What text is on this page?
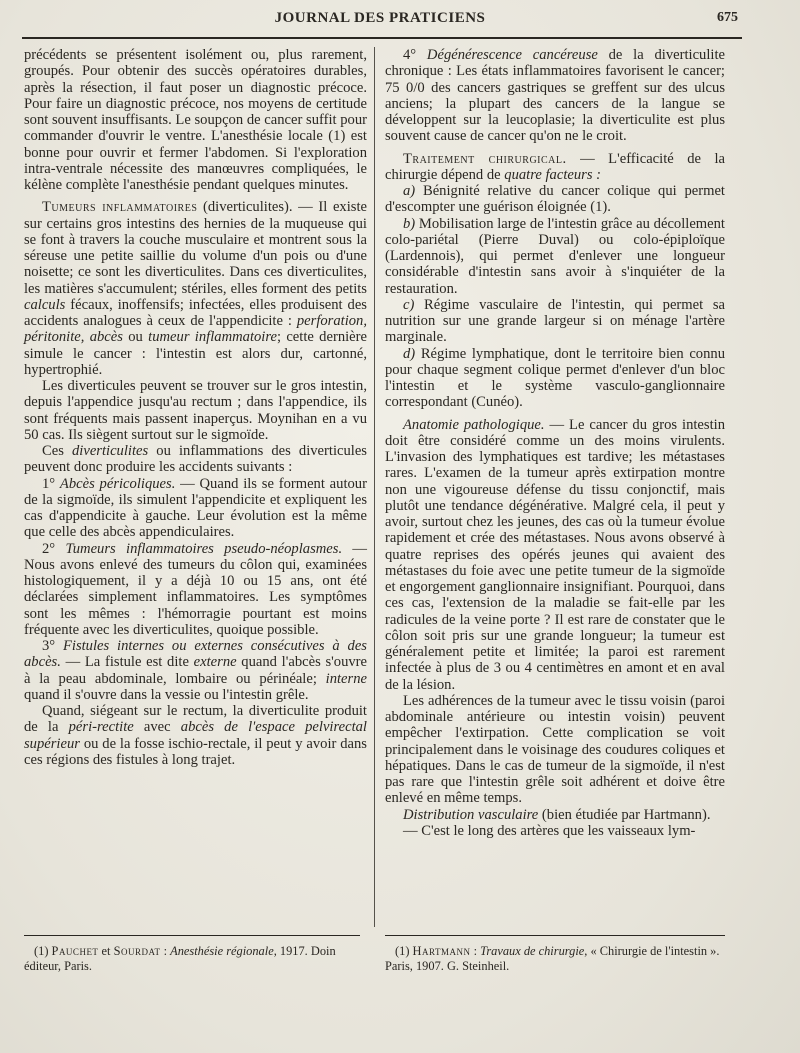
JOURNAL DES PRATICIENS	675

précédents se présentent isolément ou, plus rarement, groupés. Pour obtenir des succès opératoires durables, après la résection, il faut poser un diagnostic précoce. Pour faire un diagnostic précoce, nos moyens de certitude sont souvent insuffisants. Le soupçon de cancer suffit pour commander d'ouvrir le ventre. L'anesthésie locale (1) est bonne pour ouvrir et fermer l'abdomen. Si l'exploration intra-ventrale nécessite des manœuvres compliquées, le kélène complète l'anesthésie pendant quelques minutes.

Tumeurs inflammatoires (diverticulites). — Il existe sur certains gros intestins des hernies de la muqueuse qui se font à travers la couche musculaire et montrent sous la séreuse une petite saillie du volume d'un pois ou d'une noisette; ce sont les diverticulites. Dans ces diverticulites, les matières s'accumulent; stériles, elles forment des petits calculs fécaux, inoffensifs; infectées, elles produisent des accidents analogues à ceux de l'appendicite : perforation, péritonite, abcès ou tumeur inflammatoire; cette dernière simule le cancer : l'intestin est alors dur, cartonné, hypertrophié.

Les diverticules peuvent se trouver sur le gros intestin, depuis l'appendice jusqu'au rectum ; dans l'appendice, ils sont fréquents mais passent inaperçus. Moynihan en a vu 50 cas. Ils siègent surtout sur le sigmoïde.

Ces diverticulites ou inflammations des diverticules peuvent donc produire les accidents suivants :

1° Abcès péricoliques. — Quand ils se forment autour de la sigmoïde, ils simulent l'appendicite et expliquent les cas d'appendicite à gauche. Leur évolution est la même que celle des abcès appendiculaires.

2° Tumeurs inflammatoires pseudo-néoplasmes. — Nous avons enlevé des tumeurs du côlon qui, examinées histologiquement, il y a déjà 10 ou 15 ans, ont été déclarées simplement inflammatoires. Les symptômes sont les mêmes : l'hémorragie pourtant est moins fréquente avec les diverticulites, quoique possible.

3° Fistules internes ou externes consécutives à des abcès. — La fistule est dite externe quand l'abcès s'ouvre à la peau abdominale, lombaire ou périnéale; interne quand il s'ouvre dans la vessie ou l'intestin grêle.

Quand, siégeant sur le rectum, la diverticulite produit de la péri-rectite avec abcès de l'espace pelvirectal supérieur ou de la fosse ischio-rectale, il peut y avoir dans ces régions des fistules à long trajet.

4° Dégénérescence cancéreuse de la diverticulite chronique : Les états inflammatoires favorisent le cancer; 75 0/0 des cancers gastriques se greffent sur des ulcus anciens; la plupart des cancers de la langue se développent sur la leucoplasie; la diverticulite est plus souvent cause de cancer qu'on ne le croit.

Traitement chirurgical. — L'efficacité de la chirurgie dépend de quatre facteurs :

a) Bénignité relative du cancer colique qui permet d'escompter une guérison éloignée (1).

b) Mobilisation large de l'intestin grâce au décollement colo-pariétal (Pierre Duval) ou colo-épiploïque (Lardennois), qui permet d'enlever une longueur considérable d'intestin sans avoir à s'inquiéter de la restauration.

c) Régime vasculaire de l'intestin, qui permet sa nutrition sur une grande largeur si on ménage l'artère marginale.

d) Régime lymphatique, dont le territoire bien connu pour chaque segment colique permet d'enlever d'un bloc l'intestin et le système vasculo-ganglionnaire correspondant (Cunéo).

Anatomie pathologique. — Le cancer du gros intestin doit être considéré comme un des moins virulents. L'invasion des lymphatiques est tardive; les métastases rares. L'examen de la tumeur après extirpation montre non une vigoureuse défense du tissu conjonctif, mais plutôt une tendance dégénérative. Malgré cela, il peut y avoir, surtout chez les jeunes, des cas où la tumeur évolue rapidement et crée des métastases. Nous avons observé à quatre reprises des opérés jeunes qui avaient des métastases du foie avec une petite tumeur de la sigmoïde et engorgement ganglionnaire insignifiant. Pourquoi, dans ces cas, l'extension de la maladie se fait-elle par les radicules de la veine porte ? Il est rare de constater que le côlon soit pris sur une grande longueur; la tumeur est généralement petite et limitée; la paroi est rarement infectée à plus de 3 ou 4 centimètres en amont et en aval de la lésion.

Les adhérences de la tumeur avec le tissu voisin (paroi abdominale antérieure ou intestin voisin) peuvent empêcher l'extirpation. Cette complication se voit principalement dans le voisinage des coudures coliques et hépatiques. Dans le cas de tumeur de la sigmoïde, il n'est pas rare que l'intestin grêle soit adhérent et doive être enlevé en même temps.

Distribution vasculaire (bien étudiée par Hartmann).

— C'est le long des artères que les vaisseaux lym-

(1) Pauchet et Sourdat : Anesthésie régionale, 1917. Doin éditeur, Paris.

(1) Hartmann : Travaux de chirurgie, « Chirurgie de l'intestin ». Paris, 1907. G. Steinheil.
